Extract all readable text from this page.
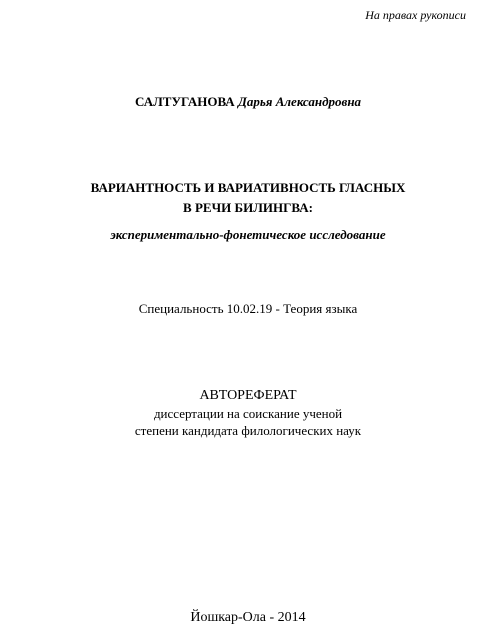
На правах рукописи
САЛТУГАНОВА Дарья Александровна
ВАРИАНТНОСТЬ И ВАРИАТИВНОСТЬ ГЛАСНЫХ
В РЕЧИ БИЛИНГВА:
экспериментально-фонетическое исследование
Специальность 10.02.19 - Теория языка
АВТОРЕФЕРАТ
диссертации на соискание ученой
степени кандидата филологических наук
Йошкар-Ола - 2014
